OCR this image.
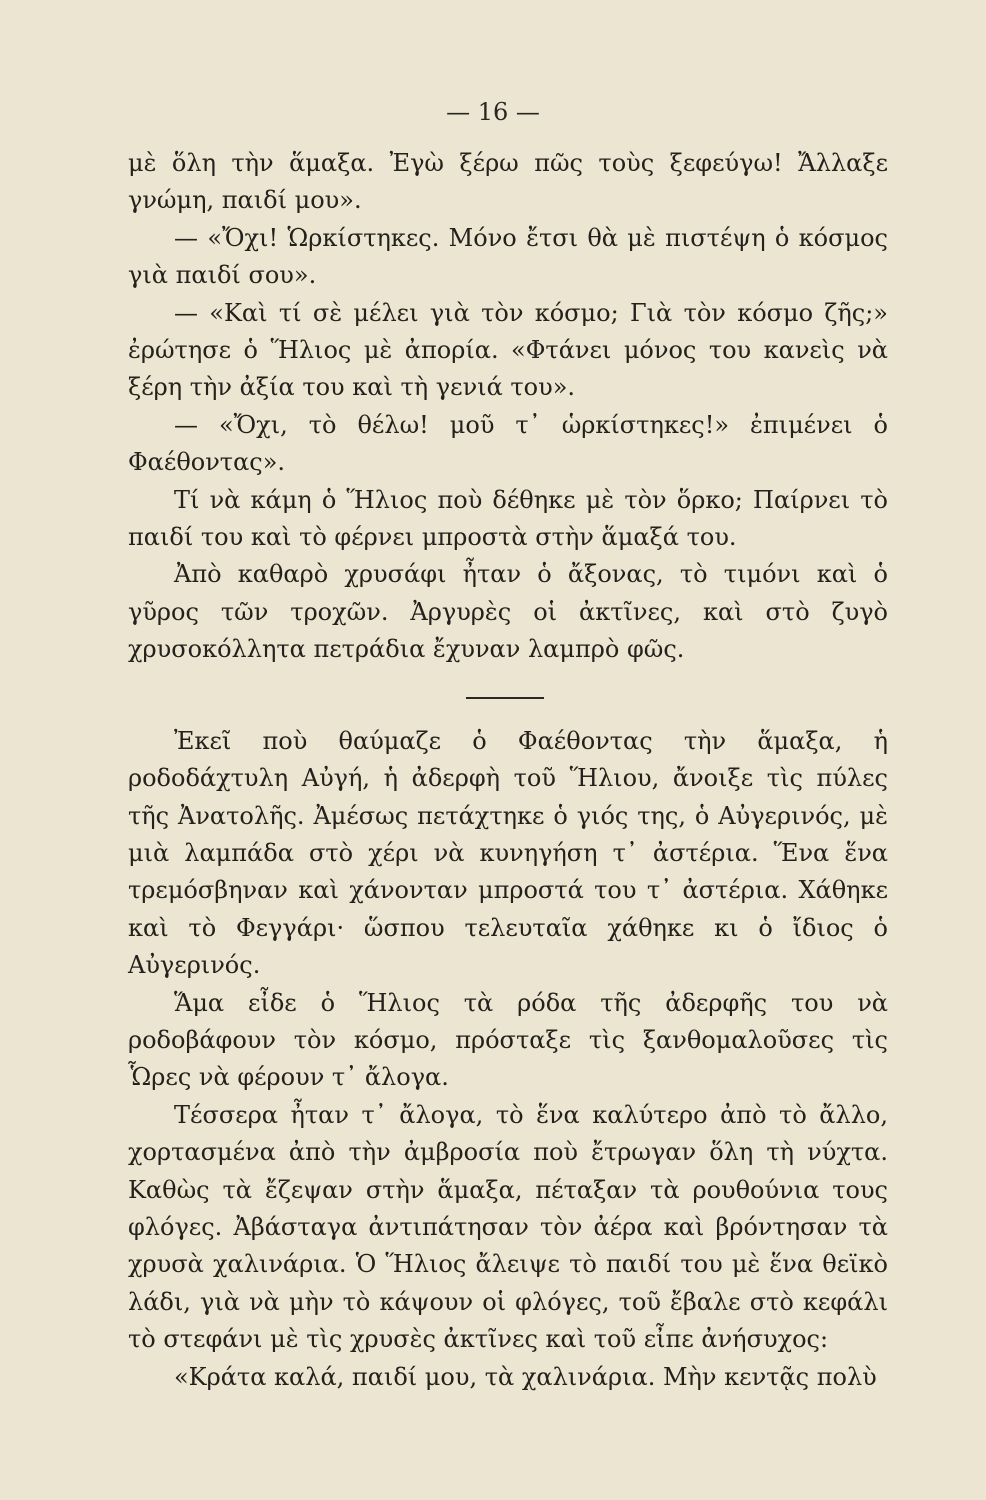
— 16 —

μὲ ὅλη τὴν ἅμαξα. Ἐγὼ ξέρω πῶς τοὺς ξεφεύγω! Ἄλλαξε γνώμη, παιδί μου».

— «Ὄχι! Ὡρκίστηκες. Μόνο ἔτσι θὰ μὲ πιστέψη ὁ κόσμος γιὰ παιδί σου».

— «Καὶ τί σὲ μέλει γιὰ τὸν κόσμο; Γιὰ τὸν κόσμο ζῆς;» ἐρώτησε ὁ Ἥλιος μὲ ἀπορία. «Φτάνει μόνος του κανεὶς νὰ ξέρη τὴν ἀξία του καὶ τὴ γενιά του».

— «Ὄχι, τὸ θέλω! μοῦ τ᾿ ὡρκίστηκες!» ἐπιμένει ὁ Φαέθοντας».

Τί νὰ κάμη ὁ Ἥλιος ποὺ δέθηκε μὲ τὸν ὅρκο; Παίρνει τὸ παιδί του καὶ τὸ φέρνει μπροστὰ στὴν ἅμαξά του.

Ἀπὸ καθαρὸ χρυσάφι ἦταν ὁ ἄξονας, τὸ τιμόνι καὶ ὁ γῦρος τῶν τροχῶν. Ἀργυρὲς οἱ ἀκτῖνες, καὶ στὸ ζυγὸ χρυσοκόλλητα πετράδια ἔχυναν λαμπρὸ φῶς.

Ἐκεῖ ποὺ θαύμαζε ὁ Φαέθοντας τὴν ἅμαξα, ἡ ροδοδάχτυλη Αὐγή, ἡ ἀδερφὴ τοῦ Ἥλιου, ἄνοιξε τὶς πύλες τῆς Ἀνατολῆς. Ἀμέσως πετάχτηκε ὁ γιός της, ὁ Αὐγερινός, μὲ μιὰ λαμπάδα στὸ χέρι νὰ κυνηγήση τ᾿ ἀστέρια. Ἕνα ἕνα τρεμόσβηναν καὶ χάνονταν μπροστά του τ᾿ ἀστέρια. Χάθηκε καὶ τὸ Φεγγάρι· ὥσπου τελευταῖα χάθηκε κι ὁ ἴδιος ὁ Αὐγερινός.

Ἅμα εἶδε ὁ Ἥλιος τὰ ρόδα τῆς ἀδερφῆς του νὰ ροδοβάφουν τὸν κόσμο, πρόσταξε τὶς ξανθομαλοῦσες τὶς Ὧρες νὰ φέρουν τ᾿ ἄλογα.

Τέσσερα ἦταν τ᾿ ἄλογα, τὸ ἕνα καλύτερο ἀπὸ τὸ ἄλλο, χορτασμένα ἀπὸ τὴν ἀμβροσία ποὺ ἔτρωγαν ὅλη τὴ νύχτα. Καθὼς τὰ ἔζεψαν στὴν ἅμαξα, πέταξαν τὰ ρουθούνια τους φλόγες. Ἀβάσταγα ἀντιπάτησαν τὸν ἀέρα καὶ βρόντησαν τὰ χρυσὰ χαλινάρια. Ὁ Ἥλιος ἄλειψε τὸ παιδί του μὲ ἕνα θεϊκὸ λάδι, γιὰ νὰ μὴν τὸ κάψουν οἱ φλόγες, τοῦ ἔβαλε στὸ κεφάλι τὸ στεφάνι μὲ τὶς χρυσὲς ἀκτῖνες καὶ τοῦ εἶπε ἀνήσυχος:

«Κράτα καλά, παιδί μου, τὰ χαλινάρια. Μὴν κεντᾷς πολὺ
